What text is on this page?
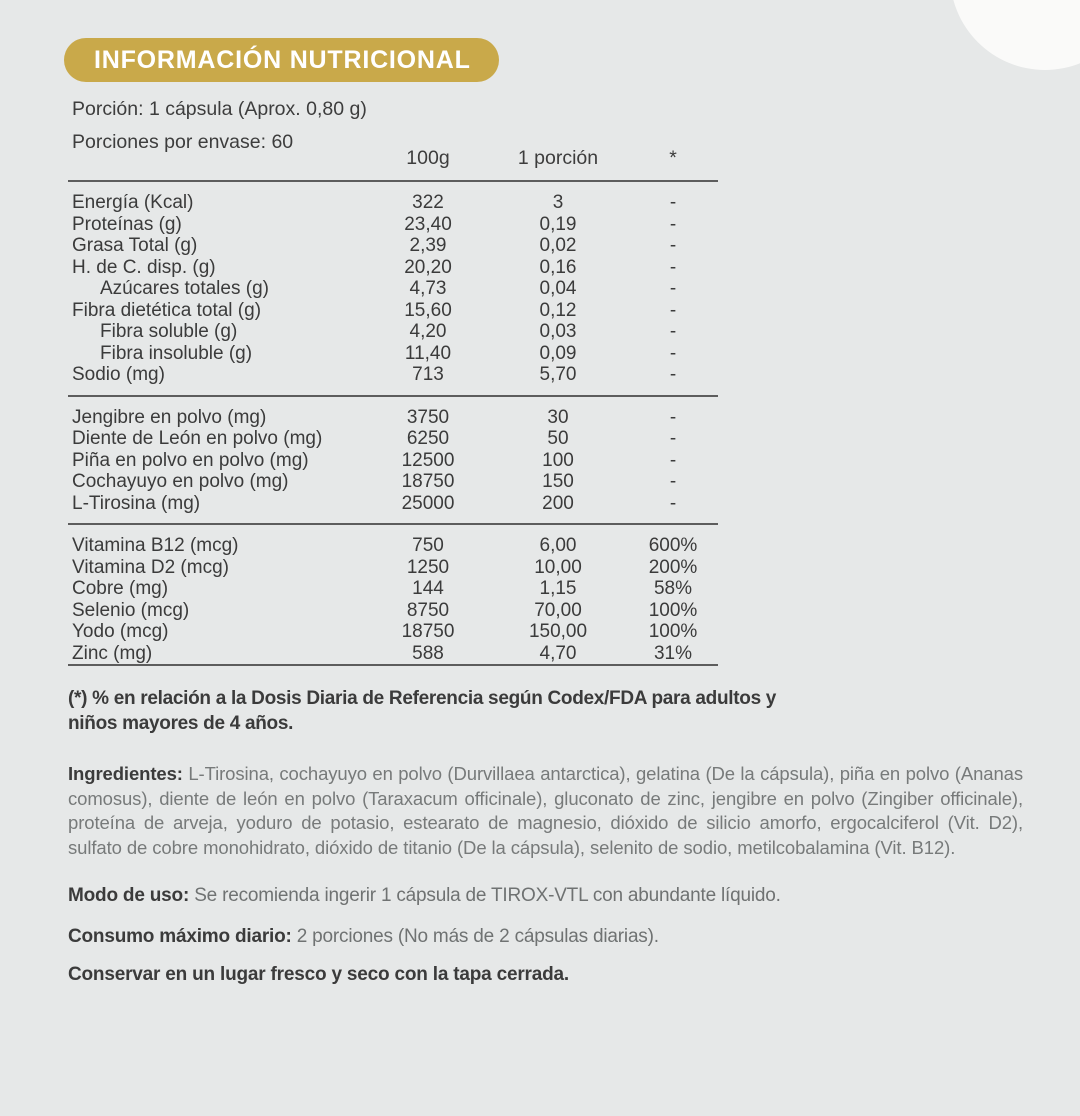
INFORMACIÓN NUTRICIONAL
Porción: 1 cápsula (Aprox. 0,80 g)
Porciones por envase: 60
	100g	1 porción	*

Energía (Kcal)	322	3	-
Proteínas (g)	23,40	0,19	-
Grasa Total (g)	2,39	0,02	-
H. de C. disp. (g)	20,20	0,16	-
Azúcares totales (g)	4,73	0,04	-
Fibra dietética total (g)	15,60	0,12	-
Fibra soluble (g)	4,20	0,03	-
Fibra insoluble (g)	11,40	0,09	-
Sodio (mg)	713	5,70	-

Jengibre en polvo (mg)	3750	30	-
Diente de León en polvo (mg)	6250	50	-
Piña en polvo en polvo (mg)	12500	100	-
Cochayuyo en polvo (mg)	18750	150	-
L-Tirosina (mg)	25000	200	-

Vitamina B12 (mcg)	750	6,00	600%
Vitamina D2 (mcg)	1250	10,00	200%
Cobre (mg)	144	1,15	58%
Selenio (mcg)	8750	70,00	100%
Yodo (mcg)	18750	150,00	100%
Zinc (mg)	588	4,70	31%

(*) % en relación a la Dosis Diaria de Referencia según Codex/FDA para adultos y niños mayores de 4 años.
Ingredientes: L-Tirosina, cochayuyo en polvo (Durvillaea antarctica), gelatina (De la cápsula), piña en polvo (Ananas comosus), diente de león en polvo (Taraxacum officinale), gluconato de zinc, jengibre en polvo (Zingiber officinale), proteína de arveja, yoduro de potasio, estearato de magnesio, dióxido de silicio amorfo, ergocalciferol (Vit. D2), sulfato de cobre monohidrato, dióxido de titanio (De la cápsula), selenito de sodio, metilcobalamina (Vit. B12).
Modo de uso: Se recomienda ingerir 1 cápsula de TIROX-VTL con abundante líquido.
Consumo máximo diario: 2 porciones (No más de 2 cápsulas diarias).
Conservar en un lugar fresco y seco con la tapa cerrada.
